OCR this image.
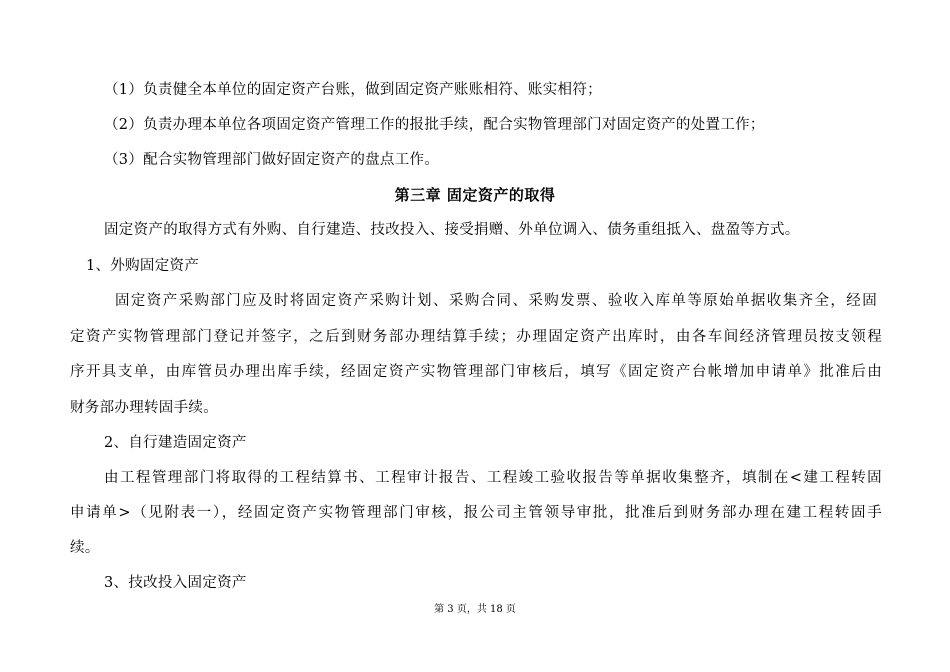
（1）负责健全本单位的固定资产台账，做到固定资产账账相符、账实相符；
（2）负责办理本单位各项固定资产管理工作的报批手续，配合实物管理部门对固定资产的处置工作；
（3）配合实物管理部门做好固定资产的盘点工作。
第三章 固定资产的取得
固定资产的取得方式有外购、自行建造、技改投入、接受捐赠、外单位调入、债务重组抵入、盘盈等方式。
1、外购固定资产
固定资产采购部门应及时将固定资产采购计划、采购合同、采购发票、验收入库单等原始单据收集齐全，经固
定资产实物管理部门登记并签字，之后到财务部办理结算手续；办理固定资产出库时，由各车间经济管理员按支领程
序开具支单，由库管员办理出库手续，经固定资产实物管理部门审核后，填写《固定资产台帐增加申请单》批准后由
财务部办理转固手续。
2、自行建造固定资产
由工程管理部门将取得的工程结算书、工程审计报告、工程竣工验收报告等单据收集整齐，填制在<建工程转固
申请单>（见附表一），经固定资产实物管理部门审核，报公司主管领导审批，批准后到财务部办理在建工程转固手
续。
3、技改投入固定资产
第 3 页，共 18 页
